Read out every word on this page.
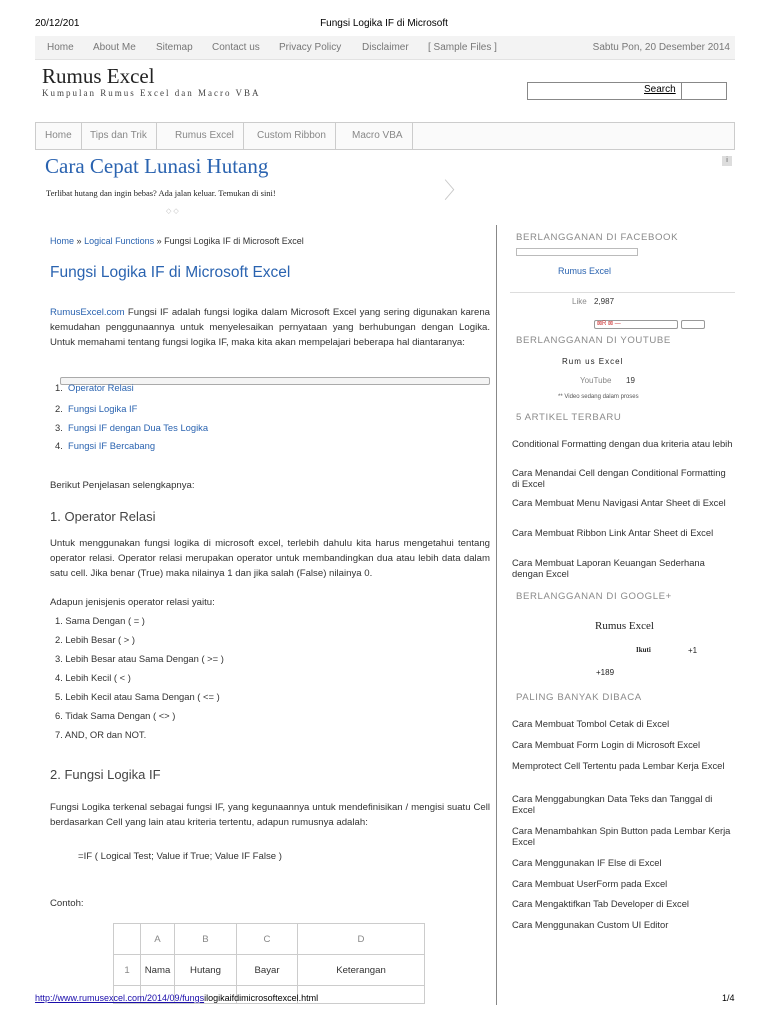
20/12/201	Fungsi Logika IF di Microsoft
Home About Me Sitemap Contact us Privacy Policy Disclaimer [ Sample Files ]	Sabtu Pon, 20 Desember 2014
Rumus Excel
Kumpulan Rumus Excel dan Macro VBA	Search
Home	Tips dan Trik	Rumus Excel	Custom Ribbon	Macro VBA
Cara Cepat Lunasi Hutang
Terlibat hutang dan ingin bebas? Ada jalan keluar. Temukan di sini!	〉
◇ ◇
i
Home » Logical Functions » Fungsi Logika IF di Microsoft Excel
Fungsi Logika IF di Microsoft Excel
RumusExcel.com Fungsi IF adalah fungsi logika dalam Microsoft Excel yang sering digunakan karena kemudahan penggunaannya untuk menyelesaikan pernyataan yang berhubungan dengan Logika. Untuk memahami tentang fungsi logika IF, maka kita akan mempelajari beberapa hal diantaranya:
1. Operator Relasi
2. Fungsi Logika IF
3. Fungsi IF dengan Dua Tes Logika
4. Fungsi IF Bercabang
Berikut Penjelasan selengkapnya:
1. Operator Relasi
Untuk menggunakan fungsi logika di microsoft excel, terlebih dahulu kita harus mengetahui tentang operator relasi. Operator relasi merupakan operator untuk membandingkan dua atau lebih data dalam satu cell. Jika benar (True) maka nilainya 1 dan jika salah (False) nilainya 0.
Adapun jenisjenis operator relasi yaitu:
1. Sama Dengan ( = )
2. Lebih Besar ( > )
3. Lebih Besar atau Sama Dengan ( >= )
4. Lebih Kecil ( < )
5. Lebih Kecil atau Sama Dengan ( <= )
6. Tidak Sama Dengan ( <> )
7. AND, OR dan NOT.
2. Fungsi Logika IF
Fungsi Logika terkenal sebagai fungsi IF, yang kegunaannya untuk mendefinisikan / mengisi suatu Cell berdasarkan Cell yang lain atau kriteria tertentu, adapun rumusnya adalah:
=IF ( Logical Test; Value if True; Value IF False )
Contoh:
	A	B	C	D
1	Nama	Hutang	Bayar	Keterangan

BERLANGGANAN DI FACEBOOK
Rumus Excel
Like 2,987
⊠R ⊠ —
BERLANGGANAN DI YOUTUBE
Rum us Excel
YouTube 19
** Video sedang dalam proses
5 ARTIKEL TERBARU
Conditional Formatting dengan dua kriteria atau lebih
Cara Menandai Cell dengan Conditional Formatting di Excel
Cara Membuat Menu Navigasi Antar Sheet di Excel
Cara Membuat Ribbon Link Antar Sheet di Excel
Cara Membuat Laporan Keuangan Sederhana dengan Excel
BERLANGGANAN DI GOOGLE+
Rumus Excel
Ikuti	+1
+189
PALING BANYAK DIBACA
Cara Membuat Tombol Cetak di Excel
Cara Membuat Form Login di Microsoft Excel
Memprotect Cell Tertentu pada Lembar Kerja Excel
Cara Menggabungkan Data Teks dan Tanggal di Excel
Cara Menambahkan Spin Button pada Lembar Kerja Excel
Cara Menggunakan IF Else di Excel
Cara Membuat UserForm pada Excel
Cara Mengaktifkan Tab Developer di Excel
Cara Menggunakan Custom UI Editor
http://www.rumusexcel.com/2014/09/fungsilogikaifdimicrosoftexcel.html	1/4
